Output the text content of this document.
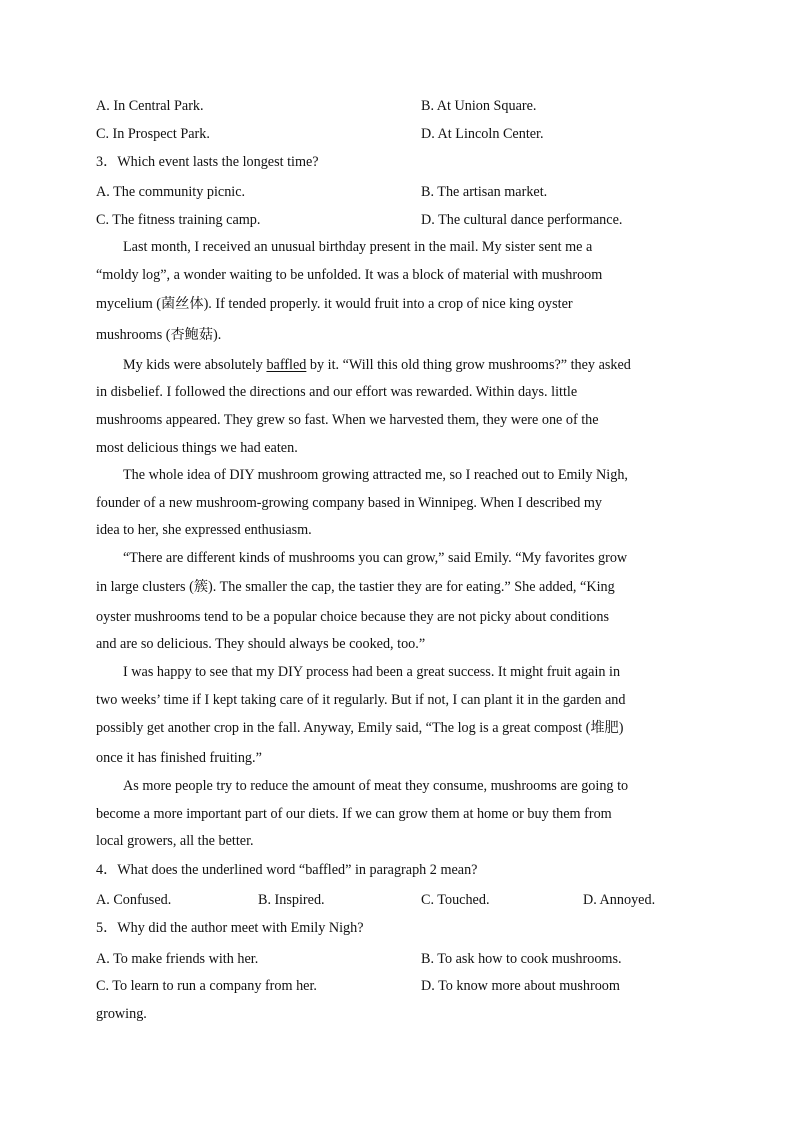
A. In Central Park.	B. At Union Square.
C. In Prospect Park.	D. At Lincoln Center.
3．Which event lasts the longest time?
A. The community picnic.	B. The artisan market.
C. The fitness training camp.	D. The cultural dance performance.
Last month, I received an unusual birthday present in the mail. My sister sent me a
“moldy log”, a wonder waiting to be unfolded. It was a block of material with mushroom
mycelium (菌丝体). If tended properly. it would fruit into a crop of nice king oyster
mushrooms (杏鲍菇).
My kids were absolutely baffled by it. “Will this old thing grow mushrooms?” they asked
in disbelief. I followed the directions and our effort was rewarded. Within days. little
mushrooms appeared. They grew so fast. When we harvested them, they were one of the
most delicious things we had eaten.
The whole idea of DIY mushroom growing attracted me, so I reached out to Emily Nigh,
founder of a new mushroom-growing company based in Winnipeg. When I described my
idea to her, she expressed enthusiasm.
“There are different kinds of mushrooms you can grow,” said Emily. “My favorites grow
in large clusters (簇). The smaller the cap, the tastier they are for eating.” She added, “King
oyster mushrooms tend to be a popular choice because they are not picky about conditions
and are so delicious. They should always be cooked, too.”
I was happy to see that my DIY process had been a great success. It might fruit again in
two weeks’ time if I kept taking care of it regularly. But if not, I can plant it in the garden and
possibly get another crop in the fall. Anyway, Emily said, “The log is a great compost (堆肥)
once it has finished fruiting.”
As more people try to reduce the amount of meat they consume, mushrooms are going to
become a more important part of our diets. If we can grow them at home or buy them from
local growers, all the better.
4．What does the underlined word “baffled” in paragraph 2 mean?
A. Confused.	B. Inspired.	C. Touched.	D. Annoyed.
5．Why did the author meet with Emily Nigh?
A. To make friends with her.	B. To ask how to cook mushrooms.
C. To learn to run a company from her.	D. To know more about mushroom
growing.
